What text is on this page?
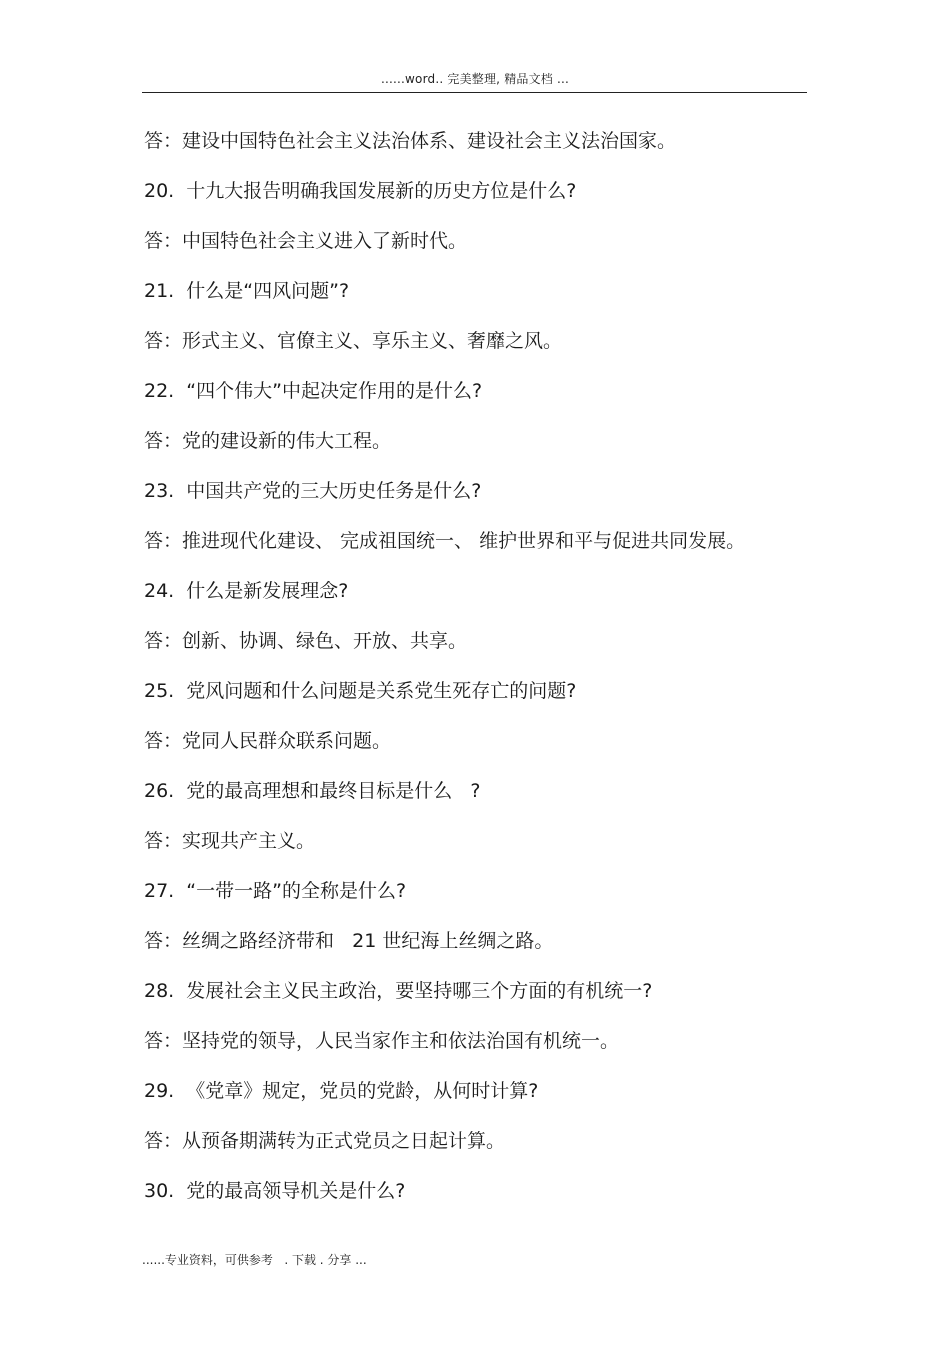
......word.. 完美整理, 精品文档 ...
答：建设中国特色社会主义法治体系、建设社会主义法治国家。
20.  十九大报告明确我国发展新的历史方位是什么?
答：中国特色社会主义进入了新时代。
21.  什么是“四风问题”?
答：形式主义、官僚主义、享乐主义、奢靡之风。
22.  “四个伟大”中起决定作用的是什么?
答：党的建设新的伟大工程。
23.  中国共产党的三大历史任务是什么?
答：推进现代化建设、 完成祖国统一、 维护世界和平与促进共同发展。
24.  什么是新发展理念?
答：创新、协调、绿色、开放、共享。
25.  党风问题和什么问题是关系党生死存亡的问题?
答：党同人民群众联系问题。
26.  党的最高理想和最终目标是什么   ?
答：实现共产主义。
27.  “一带一路”的全称是什么?
答：丝绸之路经济带和   21 世纪海上丝绸之路。
28.  发展社会主义民主政治，要坚持哪三个方面的有机统一?
答：坚持党的领导，人民当家作主和依法治国有机统一。
29.  《党章》规定，党员的党龄，从何时计算?
答：从预备期满转为正式党员之日起计算。
30.  党的最高领导机关是什么?
......专业资料，可供参考   . 下载 . 分享 ...
